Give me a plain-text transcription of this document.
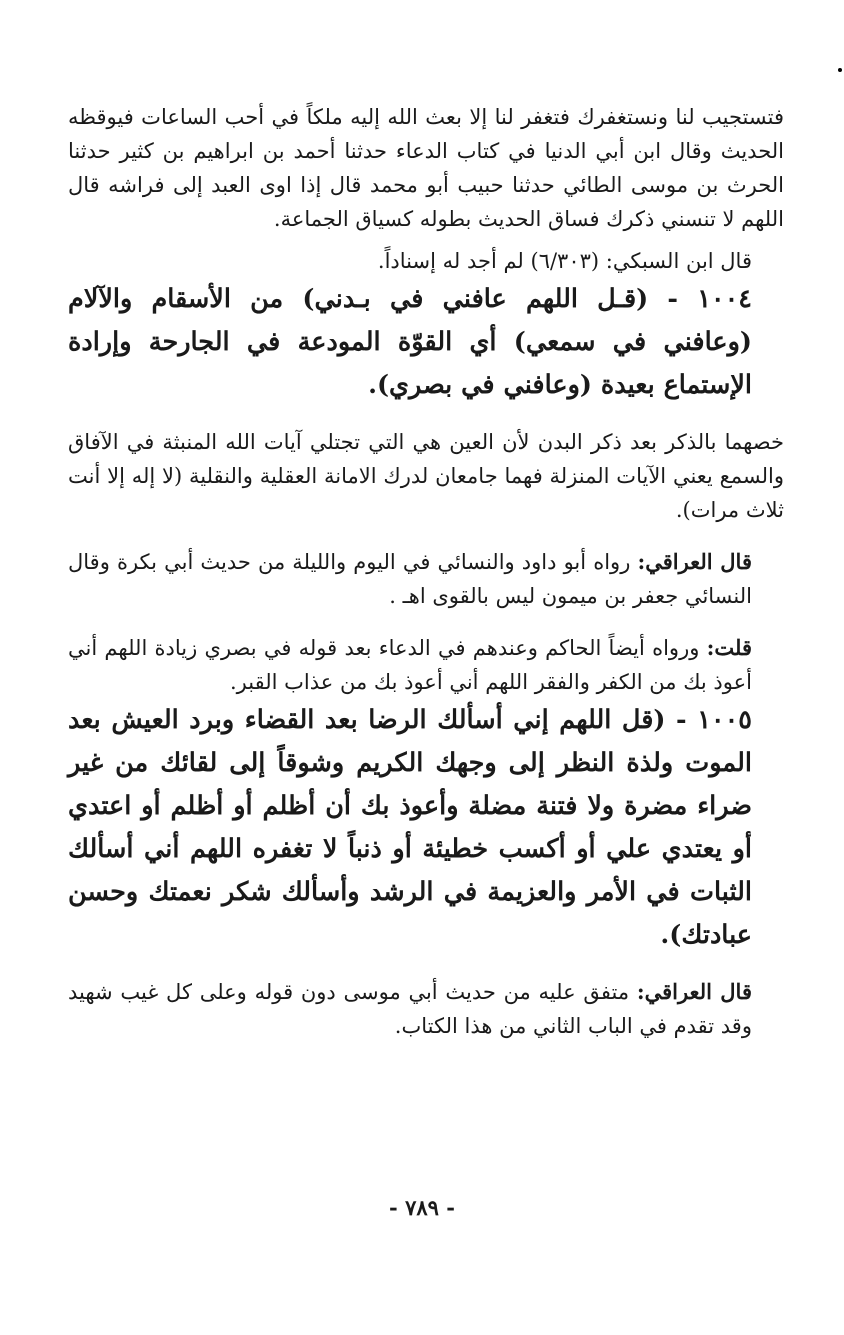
فتستجيب لنا ونستغفرك فتغفر لنا إلا بعث الله إليه ملكاً في أحب الساعات فيوقظه الحديث وقال ابن أبي الدنيا في كتاب الدعاء حدثنا أحمد بن ابراهيم بن كثير حدثنا الحرث بن موسى الطائي حدثنا حبيب أبو محمد قال إذا اوى العبد إلى فراشه قال اللهم لا تنسني ذكرك فساق الحديث بطوله كسياق الجماعة.

قال ابن السبكي: (٦/٣٠٣) لم أجد له إسناداً.

١٠٠٤ - (قـل اللهم عافني في بـدني) من الأسقام والآلام (وعافني في سمعي) أي القوّة المودعة في الجارحة وإرادة الإستماع بعيدة (وعافني في بصري).

خصهما بالذكر بعد ذكر البدن لأن العين هي التي تجتلي آيات الله المنبثة في الآفاق والسمع يعني الآيات المنزلة فهما جامعان لدرك الامانة العقلية والنقلية (لا إله إلا أنت ثلاث مرات).

قال العراقي: رواه أبو داود والنسائي في اليوم والليلة من حديث أبي بكرة وقال النسائي جعفر بن ميمون ليس بالقوى اهـ .

قلت: ورواه أيضاً الحاكم وعندهم في الدعاء بعد قوله في بصري زيادة اللهم أني أعوذ بك من الكفر والفقر اللهم أني أعوذ بك من عذاب القبر.

١٠٠٥ - (قل اللهم إني أسألك الرضا بعد القضاء وبرد العيش بعد الموت ولذة النظر إلى وجهك الكريم وشوقاً إلى لقائك من غير ضراء مضرة ولا فتنة مضلة وأعوذ بك أن أظلم أو أظلم أو اعتدي أو يعتدي علي أو أكسب خطيئة أو ذنباً لا تغفره اللهم أني أسألك الثبات في الأمر والعزيمة في الرشد وأسألك شكر نعمتك وحسن عبادتك).

قال العراقي: متفق عليه من حديث أبي موسى دون قوله وعلى كل غيب شهيد وقد تقدم في الباب الثاني من هذا الكتاب.

- ٧٨٩ -
